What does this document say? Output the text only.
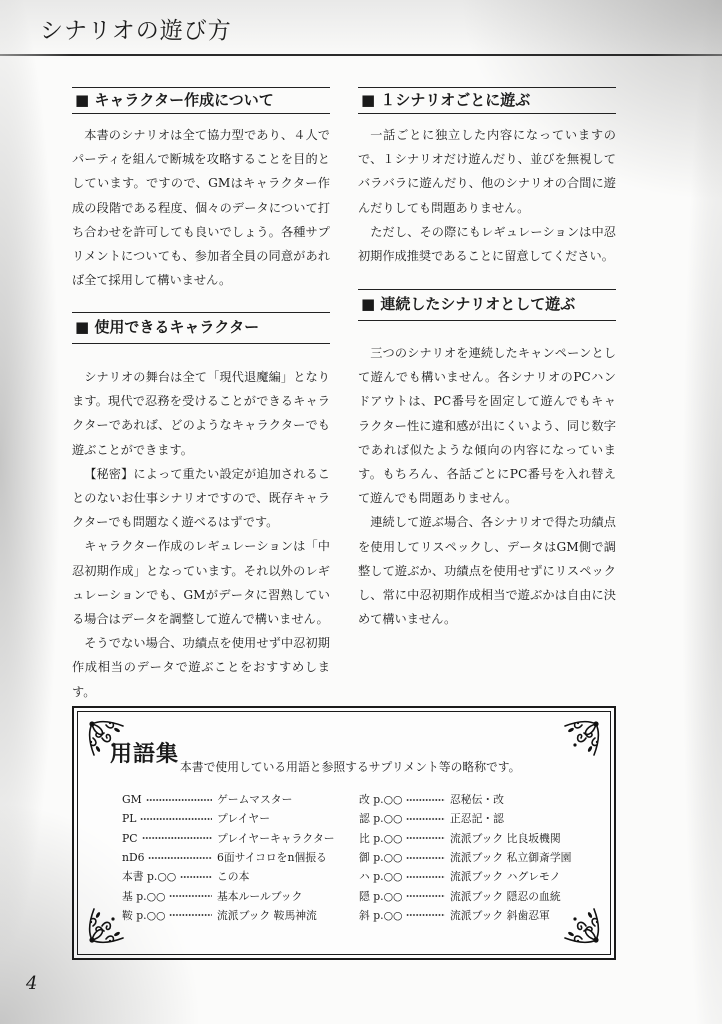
シナリオの遊び方
■ キャラクター作成について

本書のシナリオは全て協力型であり、４人でパーティを組んで断城を攻略することを目的としています。ですので、GMはキャラクター作成の段階である程度、個々のデータについて打ち合わせを許可しても良いでしょう。各種サプリメントについても、参加者全員の同意があれば全て採用して構いません。

■ 使用できるキャラクター

シナリオの舞台は全て「現代退魔編」となります。現代で忍務を受けることができるキャラクターであれば、どのようなキャラクターでも遊ぶことができます。

【秘密】によって重たい設定が追加されることのないお仕事シナリオですので、既存キャラクターでも問題なく遊べるはずです。

キャラクター作成のレギュレーションは「中忍初期作成」となっています。それ以外のレギュレーションでも、GMがデータに習熟している場合はデータを調整して遊んで構いません。

そうでない場合、功績点を使用せず中忍初期作成相当のデータで遊ぶことをおすすめします。

■ １シナリオごとに遊ぶ

一話ごとに独立した内容になっていますので、１シナリオだけ遊んだり、並びを無視してバラバラに遊んだり、他のシナリオの合間に遊んだりしても問題ありません。

ただし、その際にもレギュレーションは中忍初期作成推奨であることに留意してください。

■ 連続したシナリオとして遊ぶ

三つのシナリオを連続したキャンペーンとして遊んでも構いません。各シナリオのPCハンドアウトは、PC番号を固定して遊んでもキャラクター性に違和感が出にくいよう、同じ数字であれば似たような傾向の内容になっています。もちろん、各話ごとにPC番号を入れ替えて遊んでも問題ありません。

連続して遊ぶ場合、各シナリオで得た功績点を使用してリスペックし、データはGM側で調整して遊ぶか、功績点を使用せずにリスペックし、常に中忍初期作成相当で遊ぶかは自由に決めて構いません。

用語集 本書で使用している用語と参照するサプリメント等の略称です。
GM	ゲームマスター
PL	プレイヤー
PC	プレイヤーキャラクター
nD6	6面サイコロをn個振る
本書 p.○○	この本
基 p.○○	基本ルールブック
鞍 p.○○	流派ブック 鞍馬神流
改 p.○○	忍秘伝・改
認 p.○○	正忍記・認
比 p.○○	流派ブック 比良坂機関
御 p.○○	流派ブック 私立御斎学園
ハ p.○○	流派ブック ハグレモノ
隠 p.○○	流派ブック 隠忍の血統
斜 p.○○	流派ブック 斜歯忍軍
4
